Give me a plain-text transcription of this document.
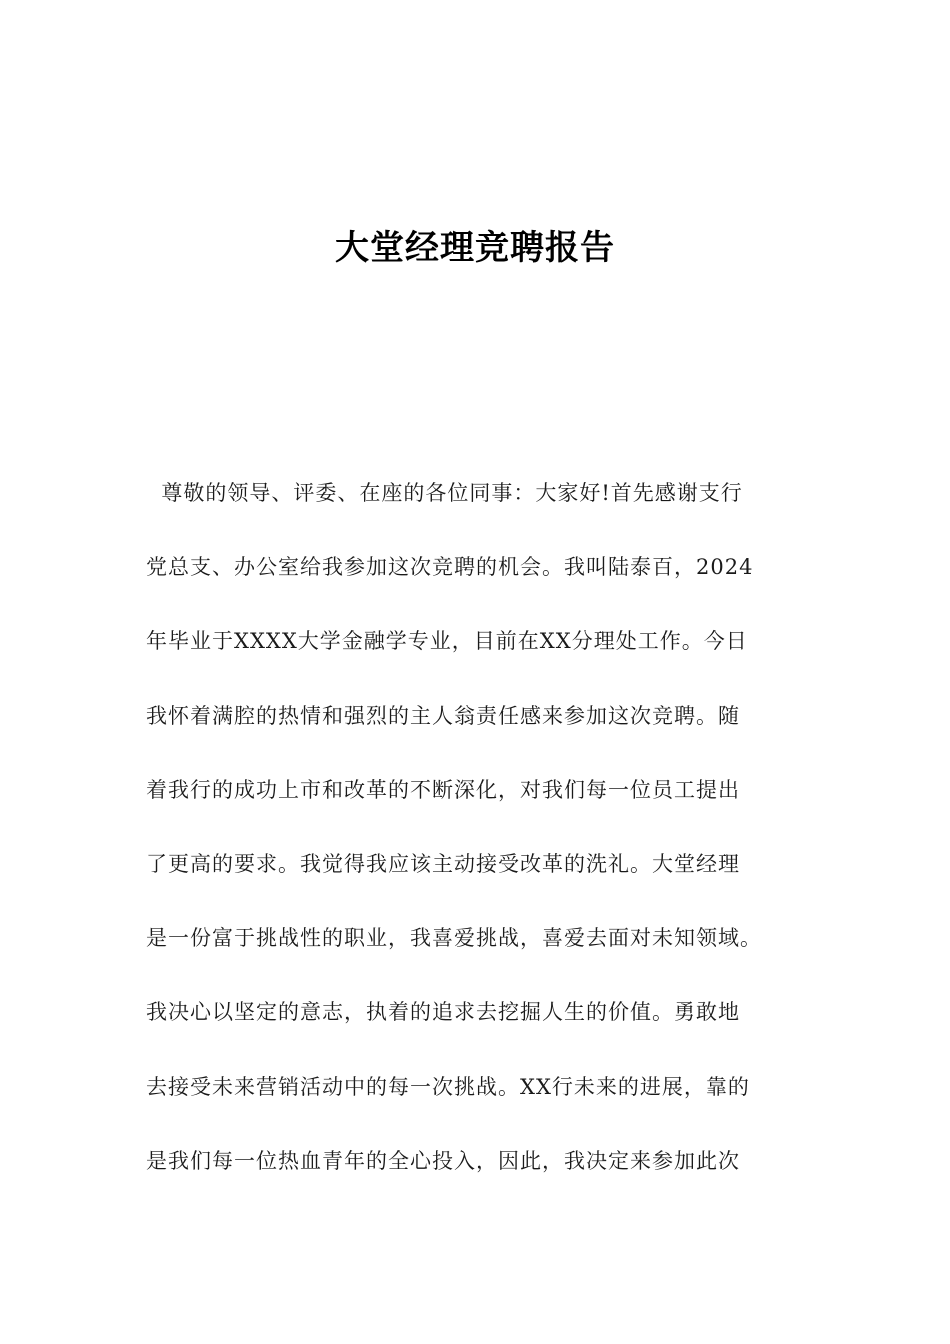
大堂经理竞聘报告
尊敬的领导、评委、在座的各位同事：大家好!首先感谢支行
党总支、办公室给我参加这次竞聘的机会。我叫陆泰百，2024
年毕业于XXXX大学金融学专业，目前在XX分理处工作。今日
我怀着满腔的热情和强烈的主人翁责任感来参加这次竞聘。随
着我行的成功上市和改革的不断深化，对我们每一位员工提出
了更高的要求。我觉得我应该主动接受改革的洗礼。大堂经理
是一份富于挑战性的职业，我喜爱挑战，喜爱去面对未知领域。
我决心以坚定的意志，执着的追求去挖掘人生的价值。勇敢地
去接受未来营销活动中的每一次挑战。XX行未来的进展，靠的
是我们每一位热血青年的全心投入，因此，我决定来参加此次
